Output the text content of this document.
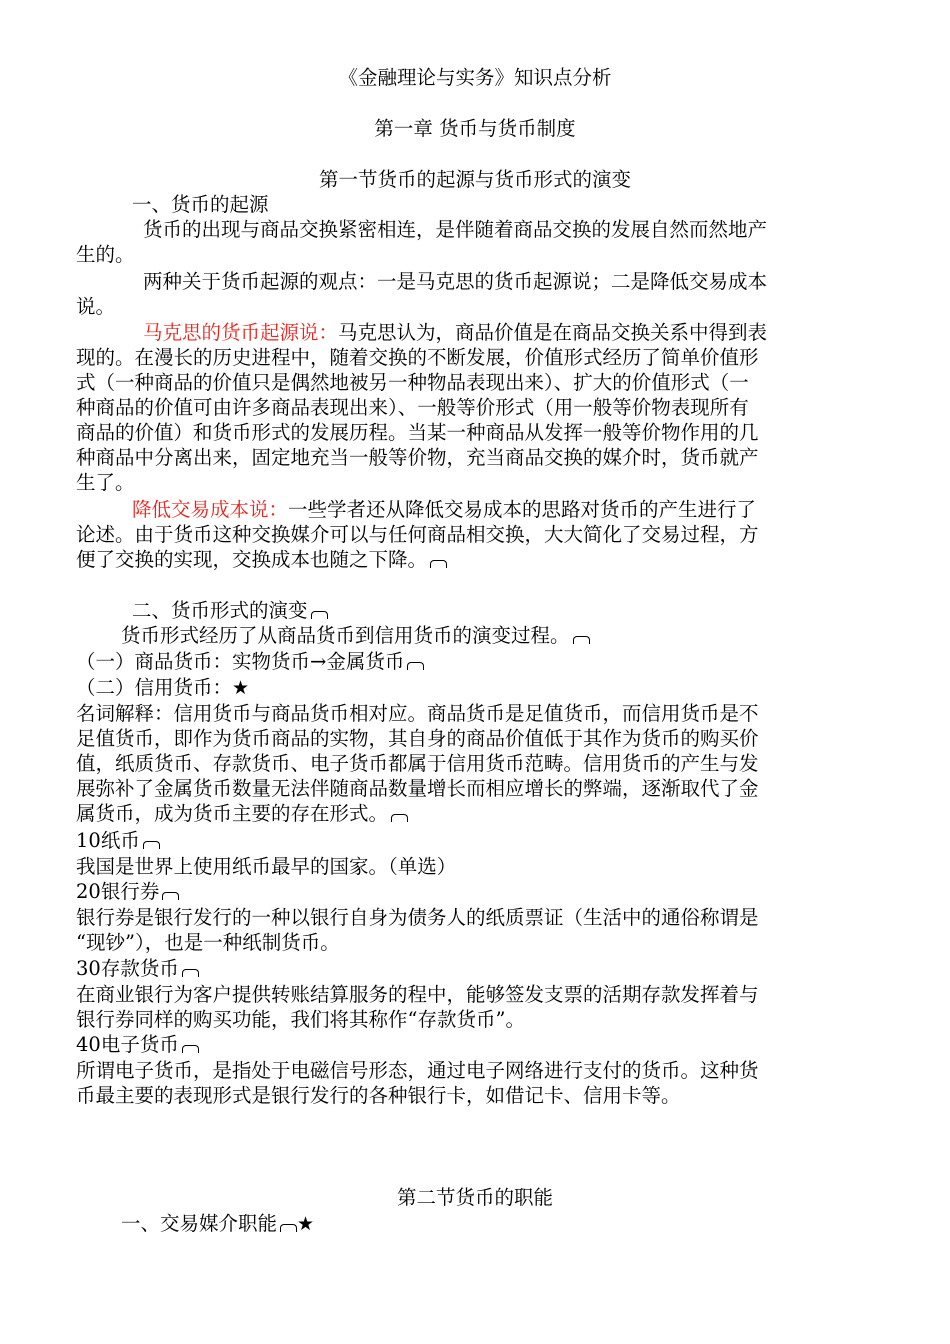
《金融理论与实务》知识点分析
第一章 货币与货币制度
第一节货币的起源与货币形式的演变
一、货币的起源
货币的出现与商品交换紧密相连，是伴随着商品交换的发展自然而然地产
生的。
两种关于货币起源的观点：一是马克思的货币起源说；二是降低交易成本
说。
马克思的货币起源说：马克思认为，商品价值是在商品交换关系中得到表
现的。在漫长的历史进程中，随着交换的不断发展，价值形式经历了简单价值形
式（一种商品的价值只是偶然地被另一种物品表现出来）、扩大的价值形式（一
种商品的价值可由许多商品表现出来）、一般等价形式（用一般等价物表现所有
商品的价值）和货币形式的发展历程。当某一种商品从发挥一般等价物作用的几
种商品中分离出来，固定地充当一般等价物，充当商品交换的媒介时，货币就产
生了。
降低交易成本说：一些学者还从降低交易成本的思路对货币的产生进行了
论述。由于货币这种交换媒介可以与任何商品相交换，大大简化了交易过程，方
便了交换的实现，交换成本也随之下降。
二、货币形式的演变
货币形式经历了从商品货币到信用货币的演变过程。
（一）商品货币：实物货币→金属货币
（二）信用货币：★
名词解释：信用货币与商品货币相对应。商品货币是足值货币，而信用货币是不
足值货币，即作为货币商品的实物，其自身的商品价值低于其作为货币的购买价
值，纸质货币、存款货币、电子货币都属于信用货币范畴。信用货币的产生与发
展弥补了金属货币数量无法伴随商品数量增长而相应增长的弊端，逐渐取代了金
属货币，成为货币主要的存在形式。
10纸币
我国是世界上使用纸币最早的国家。（单选）
20银行券
银行券是银行发行的一种以银行自身为债务人的纸质票证（生活中的通俗称谓是
“现钞”），也是一种纸制货币。
30存款货币
在商业银行为客户提供转账结算服务的程中，能够签发支票的活期存款发挥着与
银行券同样的购买功能，我们将其称作“存款货币”。
40电子货币
所谓电子货币，是指处于电磁信号形态，通过电子网络进行支付的货币。这种货
币最主要的表现形式是银行发行的各种银行卡，如借记卡、信用卡等。
第二节货币的职能
一、交易媒介职能 ★
